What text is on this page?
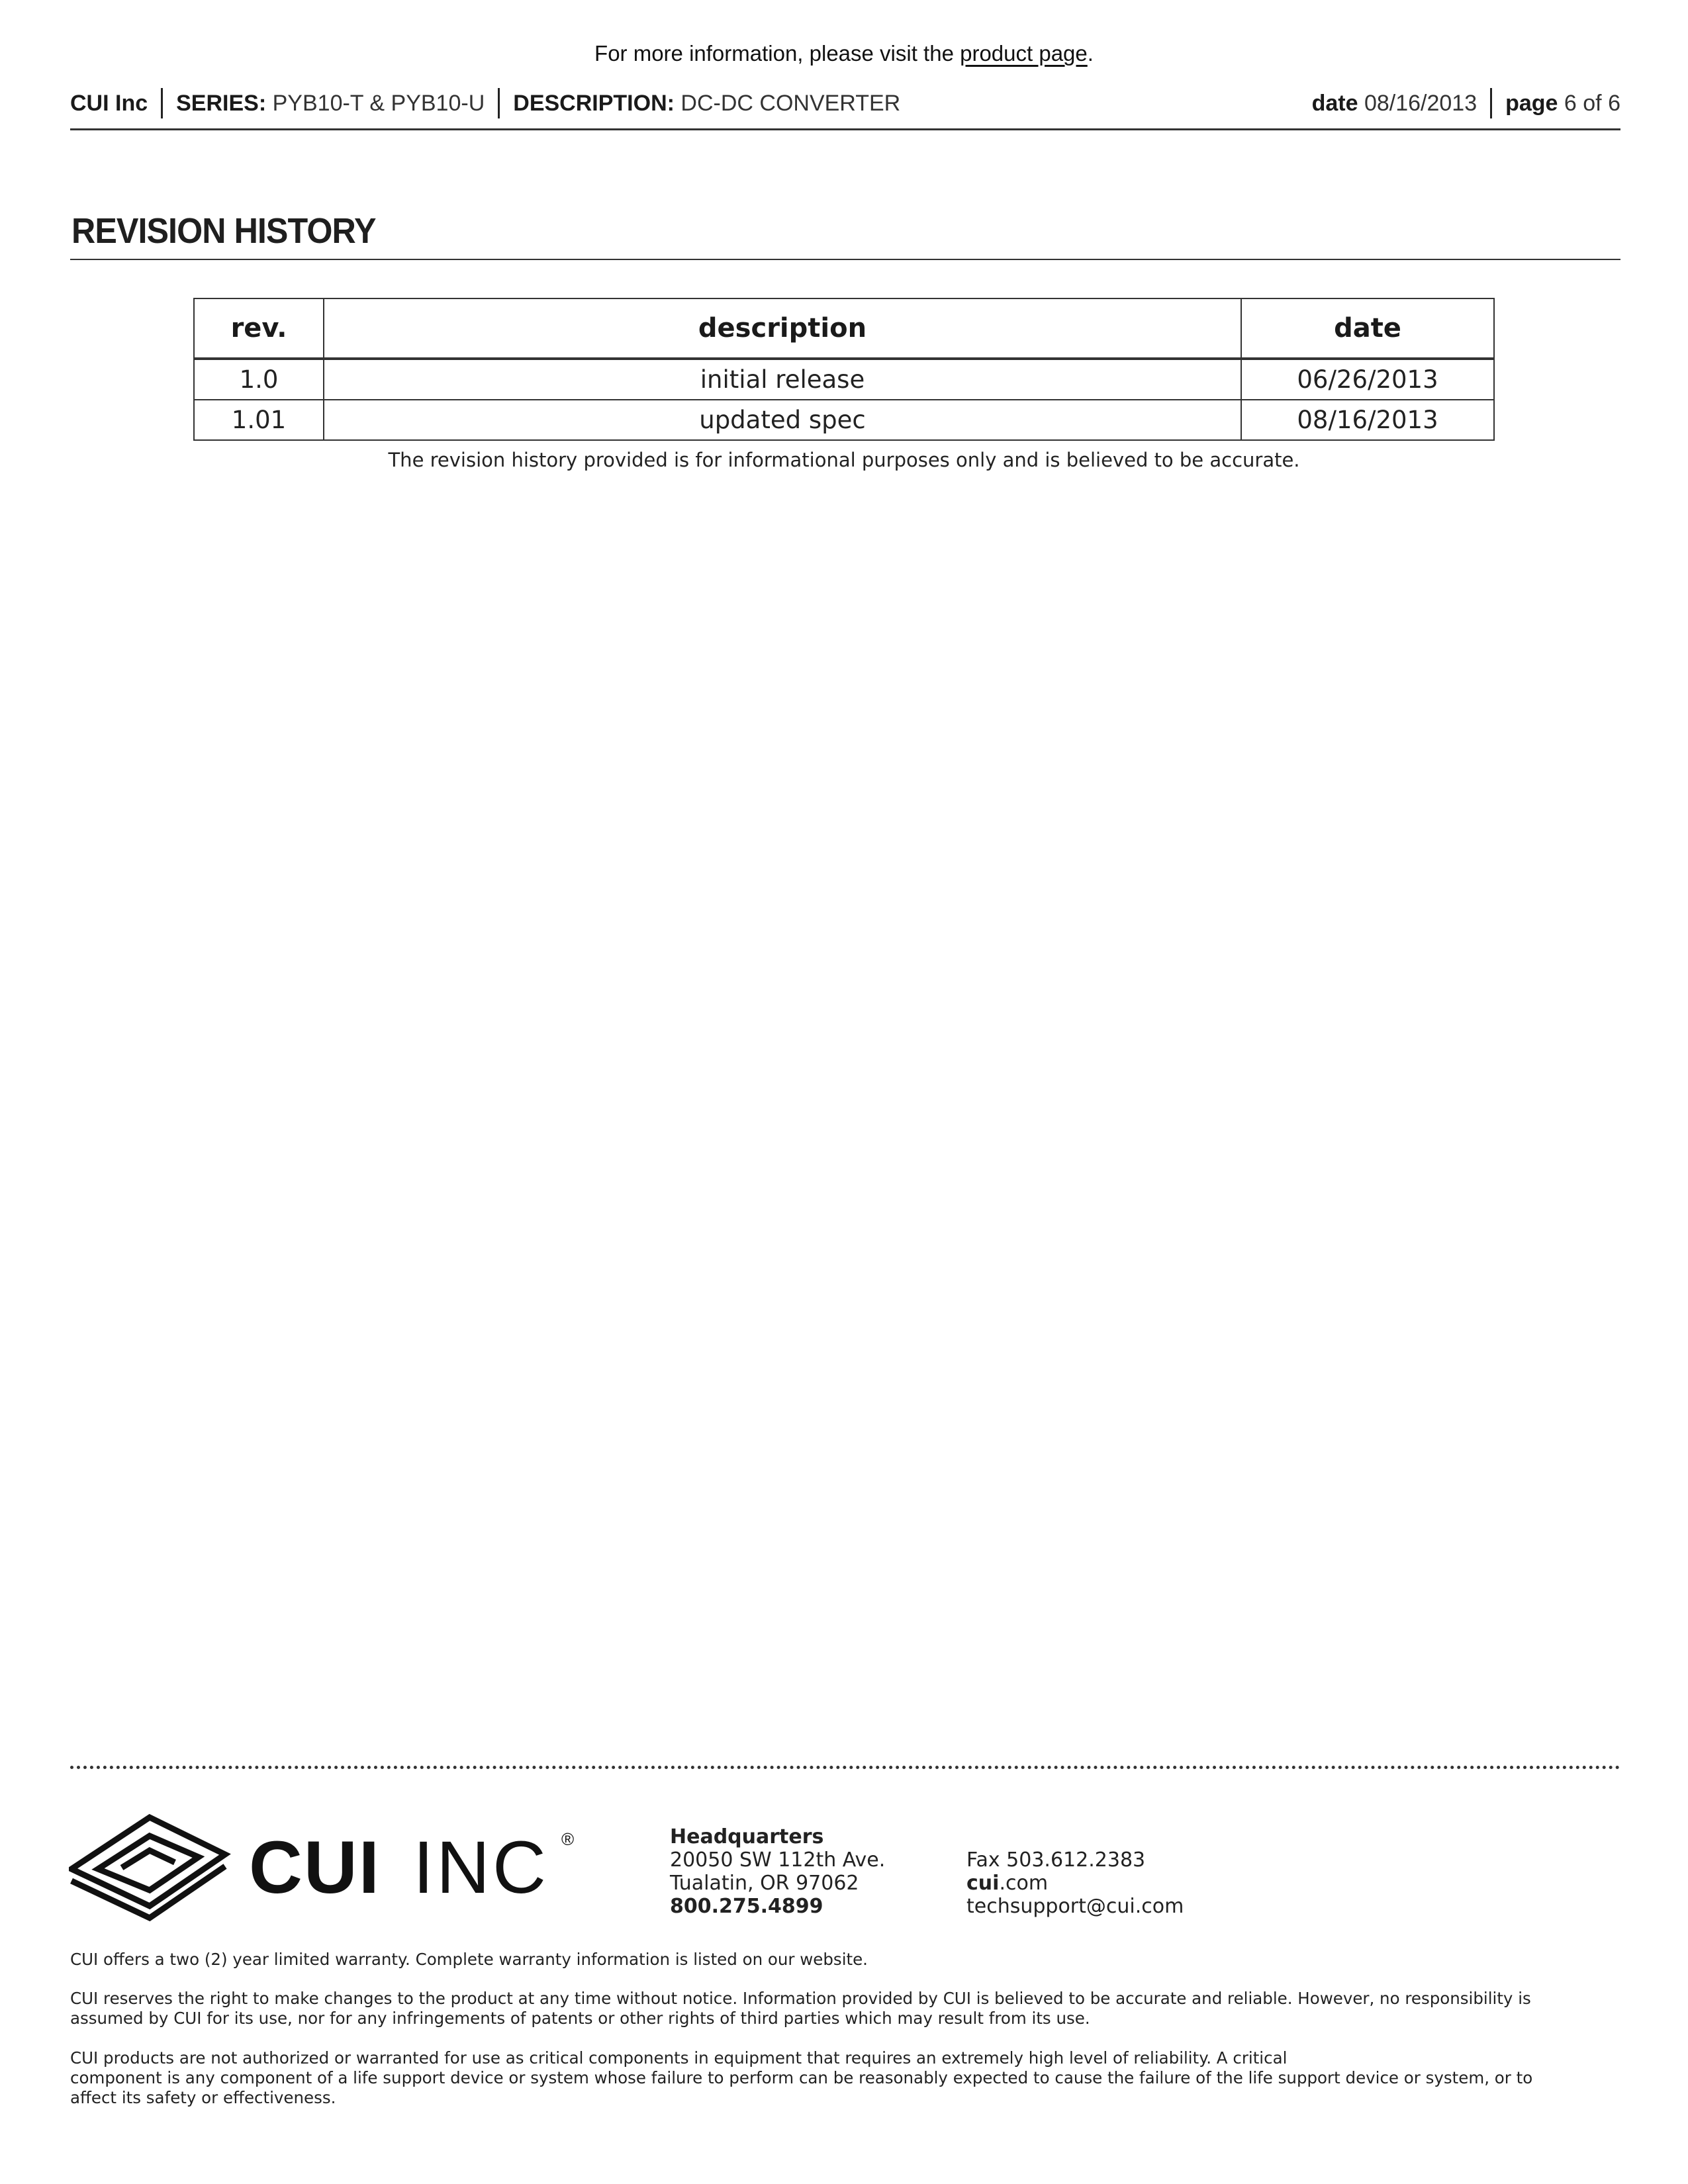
For more information, please visit the product page.
CUI Inc SERIES:
PYB10-T & PYB10-U DESCRIPTION:
DC-DC CONVERTER	date
08/16/2013 page
6 of 6
REVISION HISTORY
rev.	description	date
1.0	initial release	06/26/2013
1.01	updated spec	08/16/2013
The revision history provided is for informational purposes only and is believed to be accurate.
CUI INC ®	Headquarters
20050 SW 112th Ave.
Tualatin, OR 97062
800.275.4899
Fax 503.612.2383
cui.com
techsupport@cui.com

CUI offers a two (2) year limited warranty. Complete warranty information is listed on our website.

CUI reserves the right to make changes to the product at any time without notice. Information provided by CUI is believed to be accurate and reliable. However, no responsibility is

assumed by CUI for its use, nor for any infringements of patents or other rights of third parties which may result from its use.

CUI products are not authorized or warranted for use as critical components in equipment that requires an extremely high level of reliability. A critical

component is any component of a life support device or system whose failure to perform can be reasonably expected to cause the failure of the life support device or system, or to

affect its safety or effectiveness.
